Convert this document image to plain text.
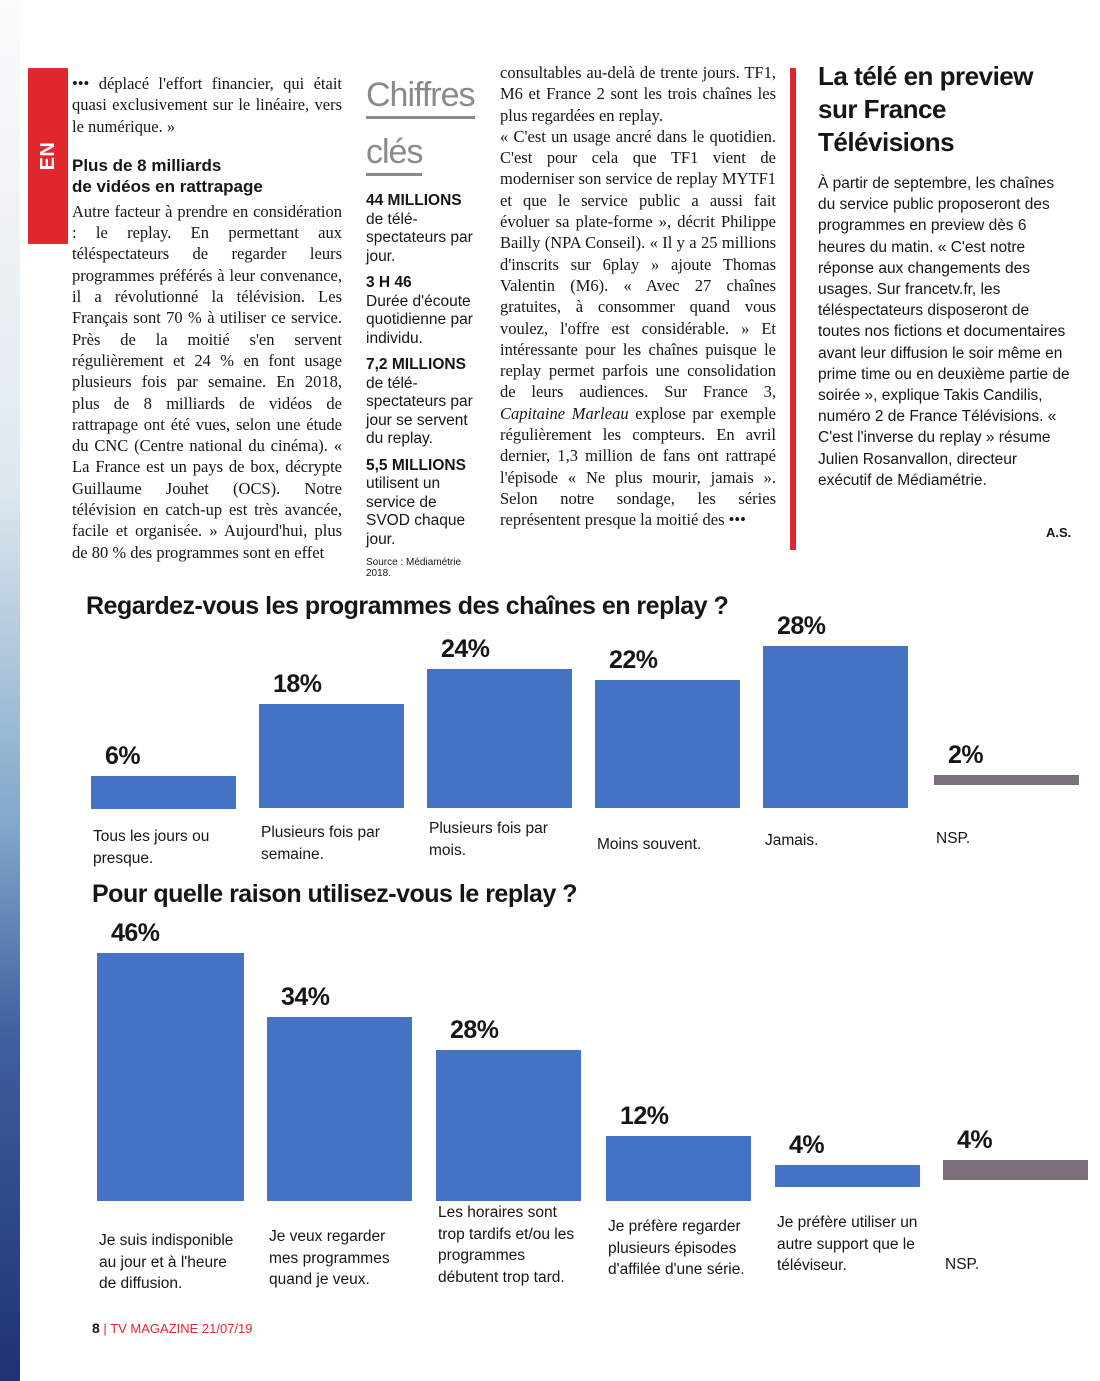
EN COUVERTURE

••• déplacé l'effort financier, qui était quasi exclusivement sur le linéaire, vers le numérique. »

Plus de 8 milliards
de vidéos en rattrapage

Autre facteur à prendre en considération : le replay. En permettant aux téléspectateurs de regarder leurs programmes préférés à leur convenance, il a révolutionné la télévision. Les Français sont 70 % à utiliser ce service. Près de la moitié s'en servent régulièrement et 24 % en font usage plusieurs fois par semaine. En 2018, plus de 8 milliards de vidéos de rattrapage ont été vues, selon une étude du CNC (Centre national du cinéma). « La France est un pays de box, décrypte Guillaume Jouhet (OCS). Notre télévision en catch-up est très avancée, facile et organisée. » Aujourd'hui, plus de 80 % des programmes sont en effet

Chiffres
clés
44 MILLIONS
de télé-spectateurs par jour.
3 H 46
Durée d'écoute quotidienne par individu.
7,2 MILLIONS
de télé-spectateurs par jour se servent du replay.
5,5 MILLIONS
utilisent un service de SVOD chaque jour.
Source : Médiamétrie 2018.

consultables au-delà de trente jours. TF1, M6 et France 2 sont les trois chaînes les plus regardées en replay.

« C'est un usage ancré dans le quotidien. C'est pour cela que TF1 vient de moderniser son service de replay MYTF1 et que le service public a aussi fait évoluer sa plate-forme », décrit Philippe Bailly (NPA Conseil). « Il y a 25 millions d'inscrits sur 6play » ajoute Thomas Valentin (M6). « Avec 27 chaînes gratuites, à consommer quand vous voulez, l'offre est considérable. » Et intéressante pour les chaînes puisque le replay permet parfois une consolidation de leurs audiences. Sur France 3, Capitaine Marleau explose par exemple régulièrement les compteurs. En avril dernier, 1,3 million de fans ont rattrapé l'épisode « Ne plus mourir, jamais ». Selon notre sondage, les séries représentent presque la moitié des •••

La télé en preview
sur France
Télévisions
À partir de septembre, les chaînes du service public proposeront des programmes en preview dès 6 heures du matin. « C'est notre réponse aux changements des usages. Sur francetv.fr, les téléspectateurs disposeront de toutes nos fictions et documentaires avant leur diffusion le soir même en prime time ou en deuxième partie de soirée », explique Takis Candilis, numéro 2 de France Télévisions. « C'est l'inverse du replay » résume Julien Rosanvallon, directeur exécutif de Médiamétrie.
A.S.
Regardez-vous les programmes des chaînes en replay ?
6%
Tous les jours ou presque.
18%
Plusieurs fois par semaine.
24%
Plusieurs fois par mois.
22%
Moins souvent.
28%
Jamais.
2%
NSP.
Pour quelle raison utilisez-vous le replay ?
46%
Je suis indisponible au jour et à l'heure de diffusion.
34%
Je veux regarder mes programmes quand je veux.
28%
Les horaires sont trop tardifs et/ou les programmes débutent trop tard.
12%
Je préfère regarder plusieurs épisodes d'affilée d'une série.
4%
Je préfère utiliser un autre support que le téléviseur.
4%
NSP.
8 | TV MAGAZINE 21/07/19
